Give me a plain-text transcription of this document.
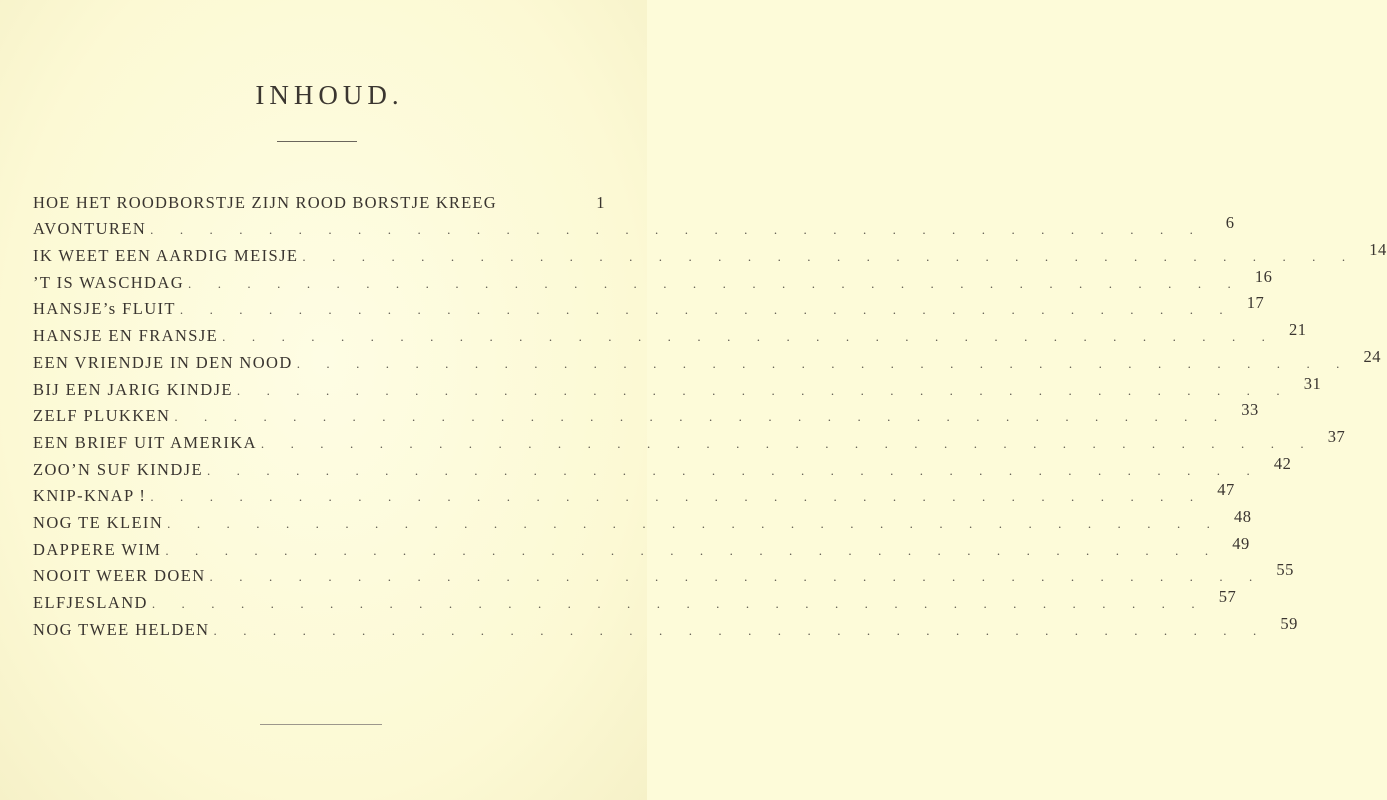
INHOUD.
HOE HET ROODBORSTJE ZIJN ROOD BORSTJE KREEG	1
AVONTUREN . . . . . . . . . . . . . . . . . . . . . . . . . . . . . . . . . . . .	6
IK WEET EEN AARDIG MEISJE . . . . . . . . . . . . . . . . . . . . . . . . . . . . . . . . . . . . 14
’T IS WASCHDAG . . . . . . . . . . . . . . . . . . . . . . . . . . . . . . . . . . . . 16
HANSJE’s FLUIT . . . . . . . . . . . . . . . . . . . . . . . . . . . . . . . . . . . . 17
HANSJE EN FRANSJE . . . . . . . . . . . . . . . . . . . . . . . . . . . . . . . . . . . . 21
EEN VRIENDJE IN DEN NOOD . . . . . . . . . . . . . . . . . . . . . . . . . . . . . . . . . . . . 24
BIJ EEN JARIG KINDJE . . . . . . . . . . . . . . . . . . . . . . . . . . . . . . . . . . . . 31
ZELF PLUKKEN . . . . . . . . . . . . . . . . . . . . . . . . . . . . . . . . . . . . 33
EEN BRIEF UIT AMERIKA . . . . . . . . . . . . . . . . . . . . . . . . . . . . . . . . . . . . 37
ZOO’N SUF KINDJE . . . . . . . . . . . . . . . . . . . . . . . . . . . . . . . . . . . . 42
KNIP-KNAP ! . . . . . . . . . . . . . . . . . . . . . . . . . . . . . . . . . . . . 47
NOG TE KLEIN . . . . . . . . . . . . . . . . . . . . . . . . . . . . . . . . . . . . 48
DAPPERE WIM . . . . . . . . . . . . . . . . . . . . . . . . . . . . . . . . . . . . 49
NOOIT WEER DOEN . . . . . . . . . . . . . . . . . . . . . . . . . . . . . . . . . . . . 55
ELFJESLAND . . . . . . . . . . . . . . . . . . . . . . . . . . . . . . . . . . . . 57
NOG TWEE HELDEN . . . . . . . . . . . . . . . . . . . . . . . . . . . . . . . . . . . . 59
